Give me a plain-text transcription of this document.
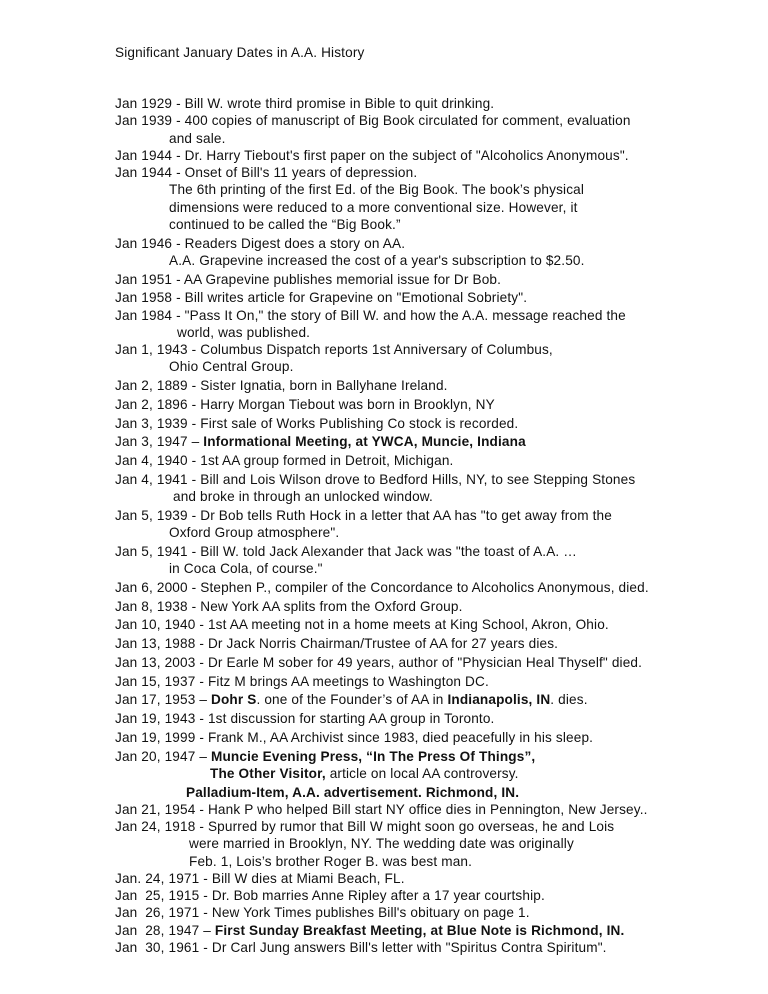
Significant January Dates in A.A. History
Jan 1929 - Bill W. wrote third promise in Bible to quit drinking.
Jan 1939 - 400 copies of manuscript of Big Book circulated for comment, evaluation
and sale.
Jan 1944 - Dr. Harry Tiebout's first paper on the subject of "Alcoholics Anonymous".
Jan 1944 - Onset of Bill's 11 years of depression.
The 6th printing of the first Ed. of the Big Book. The book’s physical
dimensions were reduced to a more conventional size. However, it
continued to be called the “Big Book.”
Jan 1946 - Readers Digest does a story on AA.
A.A. Grapevine increased the cost of a year's subscription to $2.50.
Jan 1951 - AA Grapevine publishes memorial issue for Dr Bob.
Jan 1958 - Bill writes article for Grapevine on "Emotional Sobriety".
Jan 1984 - "Pass It On," the story of Bill W. and how the A.A. message reached the
world, was published.
Jan 1, 1943 - Columbus Dispatch reports 1st Anniversary of Columbus,
Ohio Central Group.
Jan 2, 1889 - Sister Ignatia, born in Ballyhane Ireland.
Jan 2, 1896 - Harry Morgan Tiebout was born in Brooklyn, NY
Jan 3, 1939 - First sale of Works Publishing Co stock is recorded.
Jan 3, 1947 – Informational Meeting, at YWCA, Muncie, Indiana
Jan 4, 1940 - 1st AA group formed in Detroit, Michigan.
Jan 4, 1941 - Bill and Lois Wilson drove to Bedford Hills, NY, to see Stepping Stones
and broke in through an unlocked window.
Jan 5, 1939 - Dr Bob tells Ruth Hock in a letter that AA has "to get away from the
Oxford Group atmosphere".
Jan 5, 1941 - Bill W. told Jack Alexander that Jack was "the toast of A.A. …
in Coca Cola, of course."
Jan 6, 2000 - Stephen P., compiler of the Concordance to Alcoholics Anonymous, died.
Jan 8, 1938 - New York AA splits from the Oxford Group.
Jan 10, 1940 - 1st AA meeting not in a home meets at King School, Akron, Ohio.
Jan 13, 1988 - Dr Jack Norris Chairman/Trustee of AA for 27 years dies.
Jan 13, 2003 - Dr Earle M sober for 49 years, author of "Physician Heal Thyself" died.
Jan 15, 1937 - Fitz M brings AA meetings to Washington DC.
Jan 17, 1953 – Dohr S. one of the Founder’s of AA in Indianapolis, IN. dies.
Jan 19, 1943 - 1st discussion for starting AA group in Toronto.
Jan 19, 1999 - Frank M., AA Archivist since 1983, died peacefully in his sleep.
Jan 20, 1947 – Muncie Evening Press, “In The Press Of Things”,
The Other Visitor, article on local AA controversy.
Palladium-Item, A.A. advertisement. Richmond, IN.
Jan 21, 1954 - Hank P who helped Bill start NY office dies in Pennington, New Jersey..
Jan 24, 1918 - Spurred by rumor that Bill W might soon go overseas, he and Lois
were married in Brooklyn, NY. The wedding date was originally
Feb. 1, Lois’s brother Roger B. was best man.
Jan. 24, 1971 - Bill W dies at Miami Beach, FL.
Jan  25, 1915 - Dr. Bob marries Anne Ripley after a 17 year courtship.
Jan  26, 1971 - New York Times publishes Bill's obituary on page 1.
Jan  28, 1947 – First Sunday Breakfast Meeting, at Blue Note is Richmond, IN.
Jan  30, 1961 - Dr Carl Jung answers Bill's letter with "Spiritus Contra Spiritum".
